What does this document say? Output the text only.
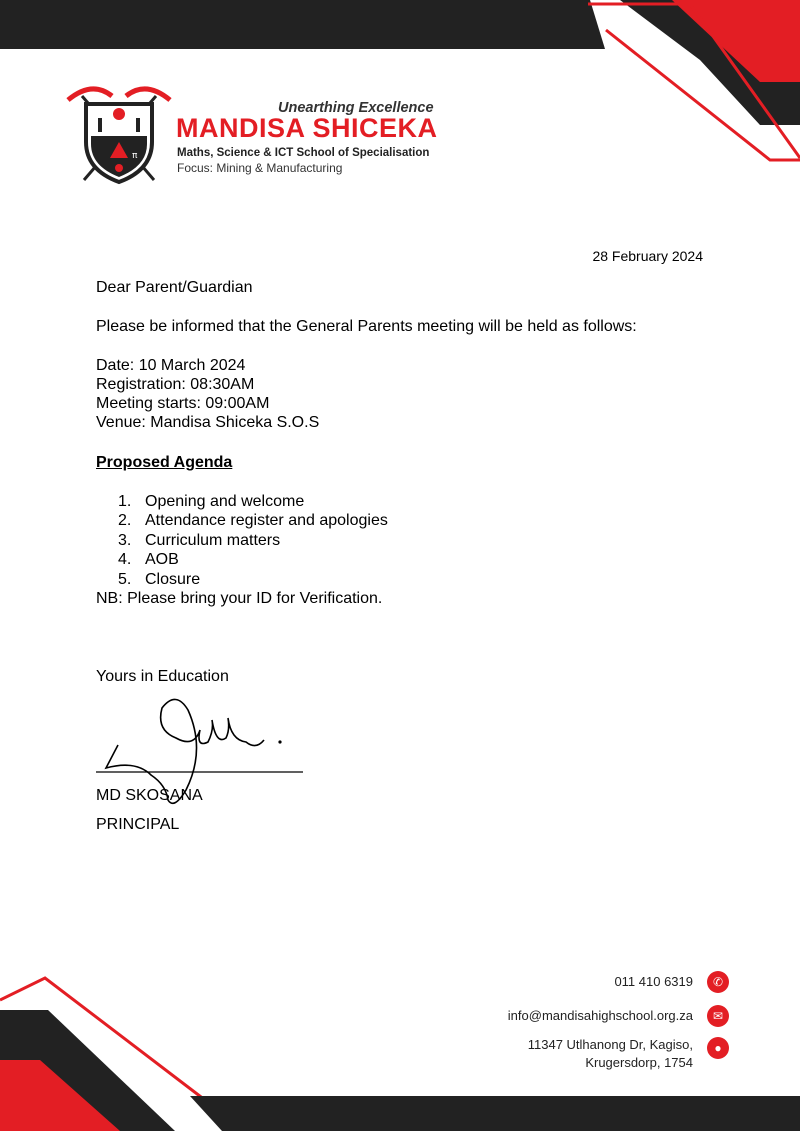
π
Unearthing Excellence
MANDISA SHICEKA
Maths, Science & ICT School of Specialisation
Focus: Mining & Manufacturing
28 February 2024
Dear Parent/Guardian
Please be informed that the General Parents meeting will be held as follows:
Date: 10 March 2024
Registration: 08:30AM
Meeting starts: 09:00AM
Venue: Mandisa Shiceka S.O.S
Proposed Agenda
1. Opening and welcome
2. Attendance register and apologies
3. Curriculum matters
4. AOB
5. Closure
NB: Please bring your ID for Verification.
Yours in Education
MD SKOSANA
PRINCIPAL
011 410 6319	✆
info@mandisahighschool.org.za	✉
11347 Utlhanong Dr, Kagiso,
Krugersdorp, 1754
●
